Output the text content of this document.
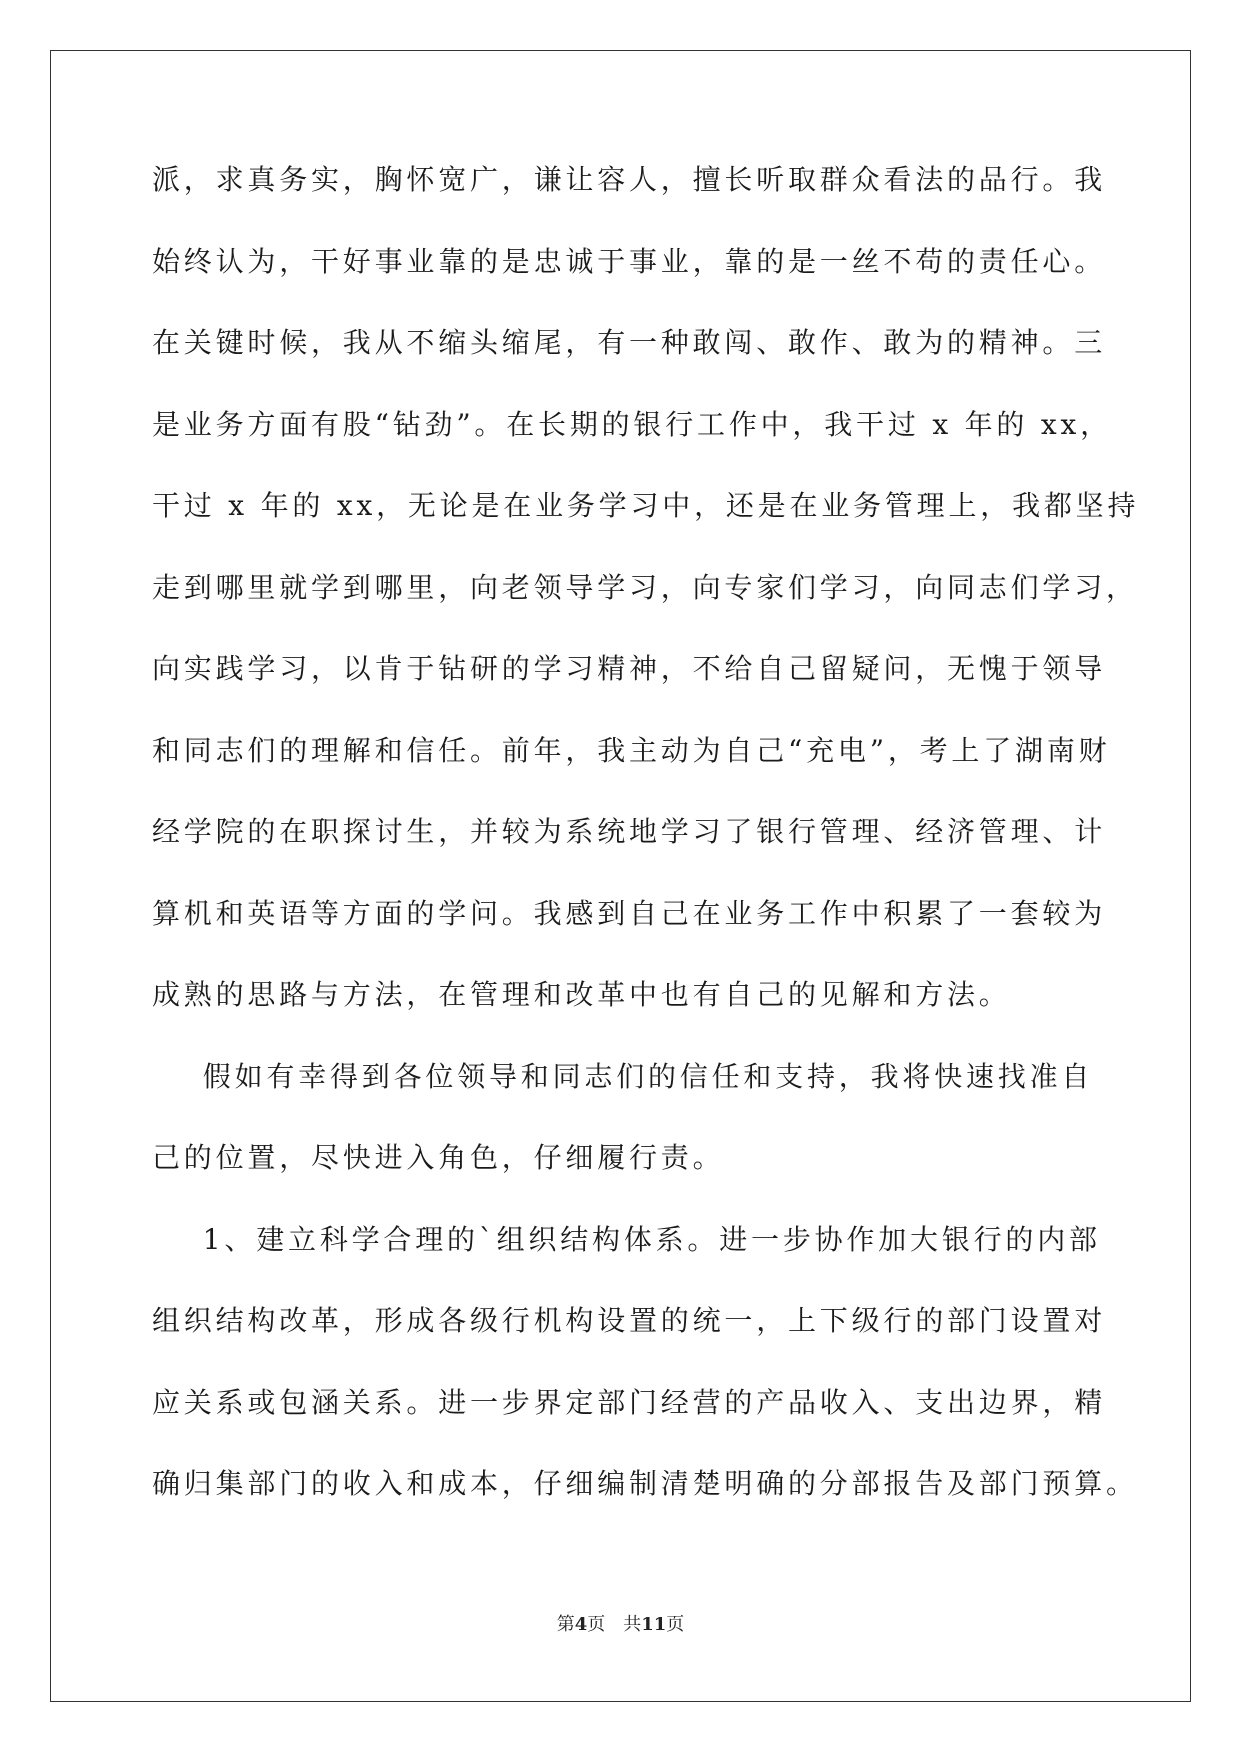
派，求真务实，胸怀宽广，谦让容人，擅长听取群众看法的品行。我
始终认为，干好事业靠的是忠诚于事业，靠的是一丝不苟的责任心。
在关键时候，我从不缩头缩尾，有一种敢闯、敢作、敢为的精神。三
是业务方面有股“钻劲”。在长期的银行工作中，我干过 x 年的 xx，
干过 x 年的 xx，无论是在业务学习中，还是在业务管理上，我都坚持
走到哪里就学到哪里，向老领导学习，向专家们学习，向同志们学习，
向实践学习，以肯于钻研的学习精神，不给自己留疑问，无愧于领导
和同志们的理解和信任。前年，我主动为自己“充电”，考上了湖南财
经学院的在职探讨生，并较为系统地学习了银行管理、经济管理、计
算机和英语等方面的学问。我感到自己在业务工作中积累了一套较为
成熟的思路与方法，在管理和改革中也有自己的见解和方法。
假如有幸得到各位领导和同志们的信任和支持，我将快速找准自
己的位置，尽快进入角色，仔细履行责。
1、建立科学合理的`组织结构体系。进一步协作加大银行的内部
组织结构改革，形成各级行机构设置的统一，上下级行的部门设置对
应关系或包涵关系。进一步界定部门经营的产品收入、支出边界，精
确归集部门的收入和成本，仔细编制清楚明确的分部报告及部门预算。
第4页 共11页
